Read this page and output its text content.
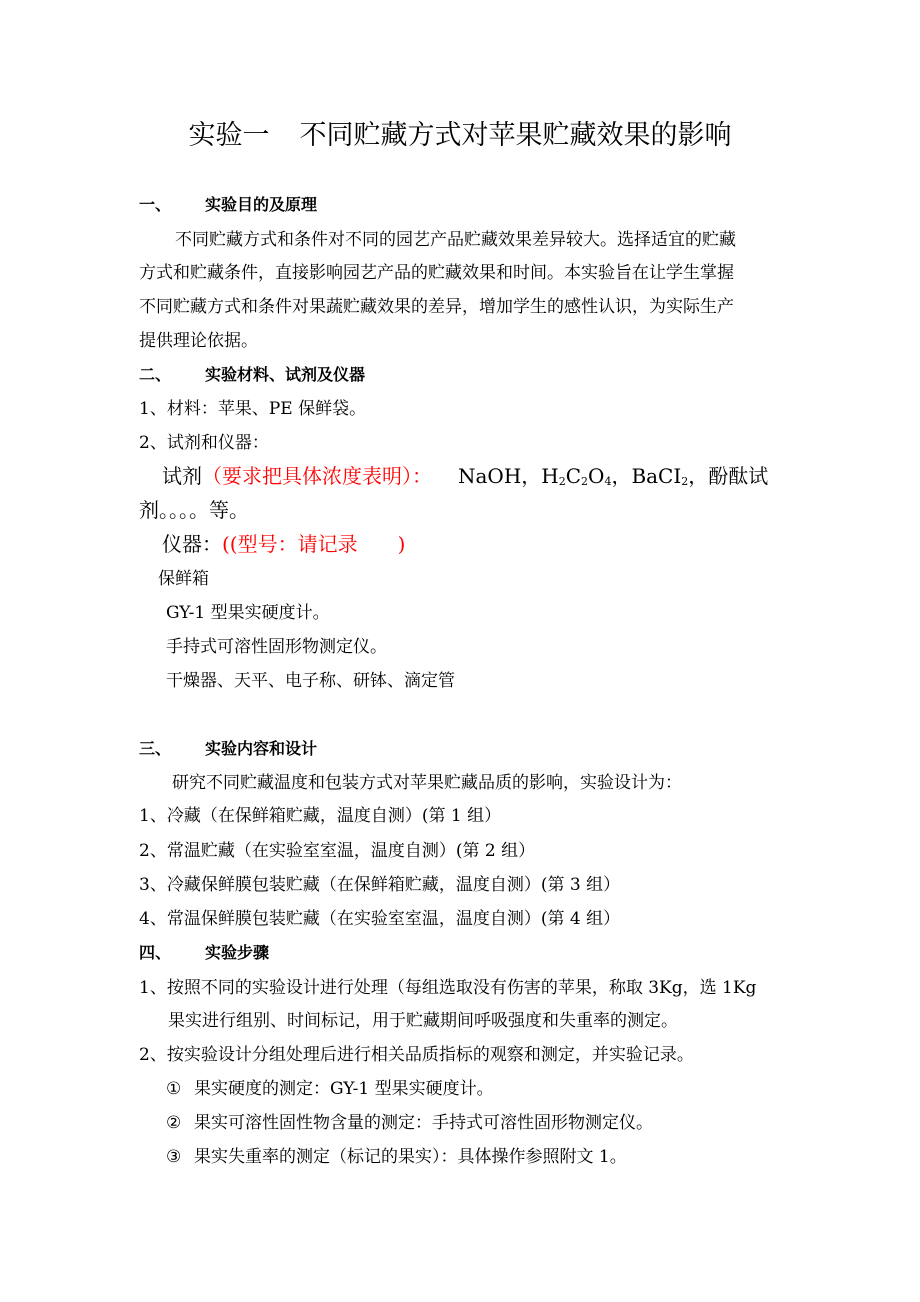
实验一 不同贮藏方式对苹果贮藏效果的影响
一、 实验目的及原理
不同贮藏方式和条件对不同的园艺产品贮藏效果差异较大。选择适宜的贮藏
方式和贮藏条件，直接影响园艺产品的贮藏效果和时间。本实验旨在让学生掌握
不同贮藏方式和条件对果蔬贮藏效果的差异，增加学生的感性认识，为实际生产
提供理论依据。
二、 实验材料、试剂及仪器
1、材料：苹果、PE 保鲜袋。
2、试剂和仪器：
试剂（要求把具体浓度表明）： NaOH，$H_2C_2O_4$，BaCI$_2$，酚酞试
剂。。。。等。
仪器：((型号：请记录　　)
保鲜箱
GY-1 型果实硬度计。
手持式可溶性固形物测定仪。
干燥器、天平、电子称、研钵、滴定管
三、 实验内容和设计
研究不同贮藏温度和包装方式对苹果贮藏品质的影响，实验设计为：
1、冷藏（在保鲜箱贮藏，温度自测）(第 1 组）
2、常温贮藏（在实验室室温，温度自测）(第 2 组）
3、冷藏保鲜膜包装贮藏（在保鲜箱贮藏，温度自测）(第 3 组）
4、常温保鲜膜包装贮藏（在实验室室温，温度自测）(第 4 组）
四、 实验步骤
1、按照不同的实验设计进行处理（每组选取没有伤害的苹果，称取 3Kg，选 1Kg
果实进行组别、时间标记，用于贮藏期间呼吸强度和失重率的测定。
2、按实验设计分组处理后进行相关品质指标的观察和测定，并实验记录。
① 果实硬度的测定：GY-1 型果实硬度计。
② 果实可溶性固性物含量的测定：手持式可溶性固形物测定仪。
③ 果实失重率的测定（标记的果实）：具体操作参照附文 1。
